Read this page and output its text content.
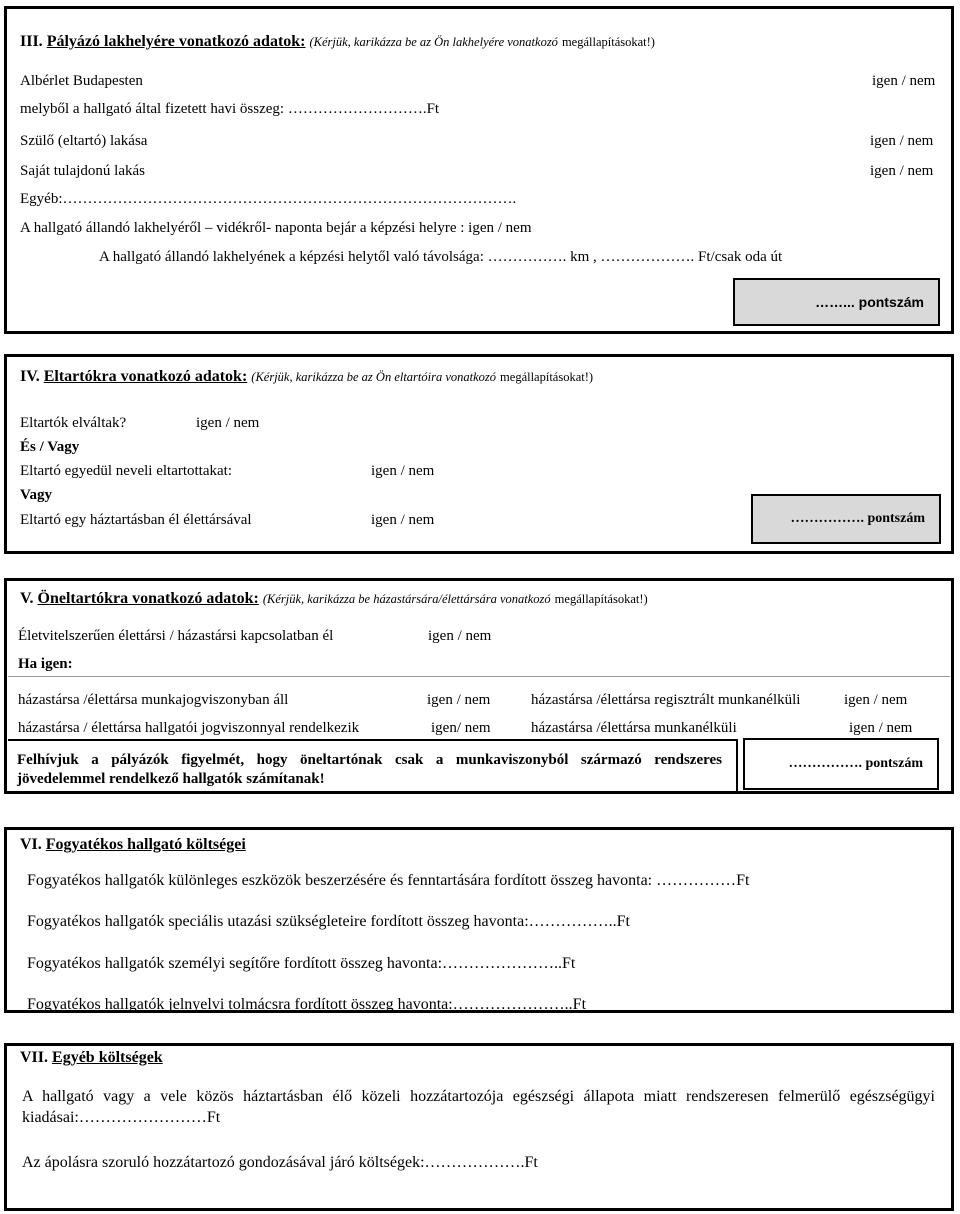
III. Pályázó lakhelyére vonatkozó adatok: (Kérjük, karikázza be az Ön lakhelyére vonatkozó megállapításokat!)
Albérlet Budapesten	igen / nem
melyből a hallgató által fizetett havi összeg: ……………………….Ft
Szülő (eltartó) lakása	igen / nem
Saját tulajdonú lakás	igen / nem
Egyéb:……………………………………………………………………………….
A hallgató állandó lakhelyéről – vidékről- naponta bejár a képzési helyre : igen / nem
A hallgató állandó lakhelyének a képzési helytől való távolsága: ……………. km , ………………. Ft/csak oda út
……... pontszám
IV. Eltartókra vonatkozó adatok: (Kérjük, karikázza be az Ön eltartóira vonatkozó megállapításokat!)
Eltartók elváltak?	igen / nem
És / Vagy
Eltartó egyedül neveli eltartottakat:	igen / nem
Vagy
Eltartó egy háztartásban él élettársával	igen / nem	……………. pontszám
V. Öneltartókra vonatkozó adatok: (Kérjük, karikázza be házastársára/élettársára vonatkozó megállapításokat!)
Életvitelszerűen élettársi / házastársi kapcsolatban él	igen / nem
Ha igen:
házastársa /élettársa munkajogviszonyban áll	igen / nem	házastársa /élettársa regisztrált munkanélküli	igen / nem
házastársa / élettársa hallgatói jogviszonnyal rendelkezik	igen/ nem	házastársa /élettársa munkanélküli	igen / nem
Felhívjuk a pályázók figyelmét, hogy öneltartónak csak a munkaviszonyból származó rendszeres jövedelemmel rendelkező hallgatók számítanak!
……………. pontszám
VI. Fogyatékos hallgató költségei
Fogyatékos hallgatók különleges eszközök beszerzésére és fenntartására fordított összeg havonta: ……………Ft
Fogyatékos hallgatók speciális utazási szükségleteire fordított összeg havonta:……………..Ft
Fogyatékos hallgatók személyi segítőre fordított összeg havonta:…………………..Ft
Fogyatékos hallgatók jelnyelvi tolmácsra fordított összeg havonta:…………………..Ft
VII. Egyéb költségek
A hallgató vagy a vele közös háztartásban élő közeli hozzátartozója egészségi állapota miatt rendszeresen felmerülő egészségügyi kiadásai:……………………Ft
Az ápolásra szoruló hozzátartozó gondozásával járó költségek:……………….Ft
